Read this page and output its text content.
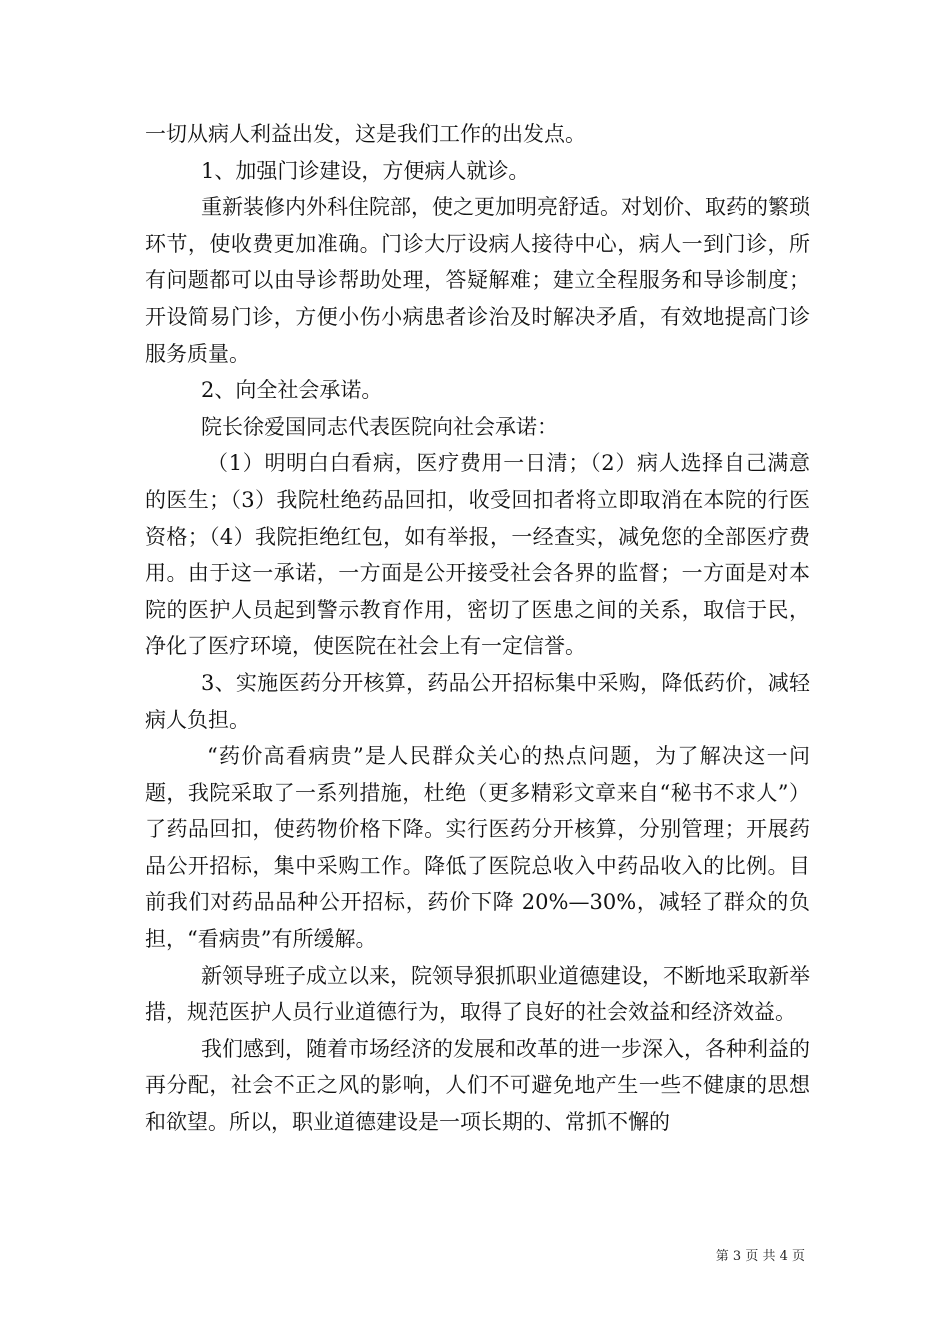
一切从病人利益出发，这是我们工作的出发点。

1、加强门诊建设，方便病人就诊。

重新装修内外科住院部，使之更加明亮舒适。对划价、取药的繁琐环节，使收费更加准确。门诊大厅设病人接待中心，病人一到门诊，所有问题都可以由导诊帮助处理，答疑解难；建立全程服务和导诊制度；开设简易门诊，方便小伤小病患者诊治及时解决矛盾，有效地提高门诊服务质量。

2、向全社会承诺。

院长徐爱国同志代表医院向社会承诺：

（1）明明白白看病，医疗费用一日清；（2）病人选择自己满意的医生；（3）我院杜绝药品回扣，收受回扣者将立即取消在本院的行医资格；（4）我院拒绝红包，如有举报，一经查实，减免您的全部医疗费用。由于这一承诺，一方面是公开接受社会各界的监督；一方面是对本院的医护人员起到警示教育作用，密切了医患之间的关系，取信于民，净化了医疗环境，使医院在社会上有一定信誉。

3、实施医药分开核算，药品公开招标集中采购，降低药价，减轻病人负担。

“药价高看病贵”是人民群众关心的热点问题，为了解决这一问题，我院采取了一系列措施，杜绝（更多精彩文章来自“秘书不求人”）了药品回扣，使药物价格下降。实行医药分开核算，分别管理；开展药品公开招标，集中采购工作。降低了医院总收入中药品收入的比例。目前我们对药品品种公开招标，药价下降 20%—30%，减轻了群众的负担，“看病贵”有所缓解。

新领导班子成立以来，院领导狠抓职业道德建设，不断地采取新举措，规范医护人员行业道德行为，取得了良好的社会效益和经济效益。

我们感到，随着市场经济的发展和改革的进一步深入，各种利益的再分配，社会不正之风的影响，人们不可避免地产生一些不健康的思想和欲望。所以，职业道德建设是一项长期的、常抓不懈的

第 3 页 共 4 页
